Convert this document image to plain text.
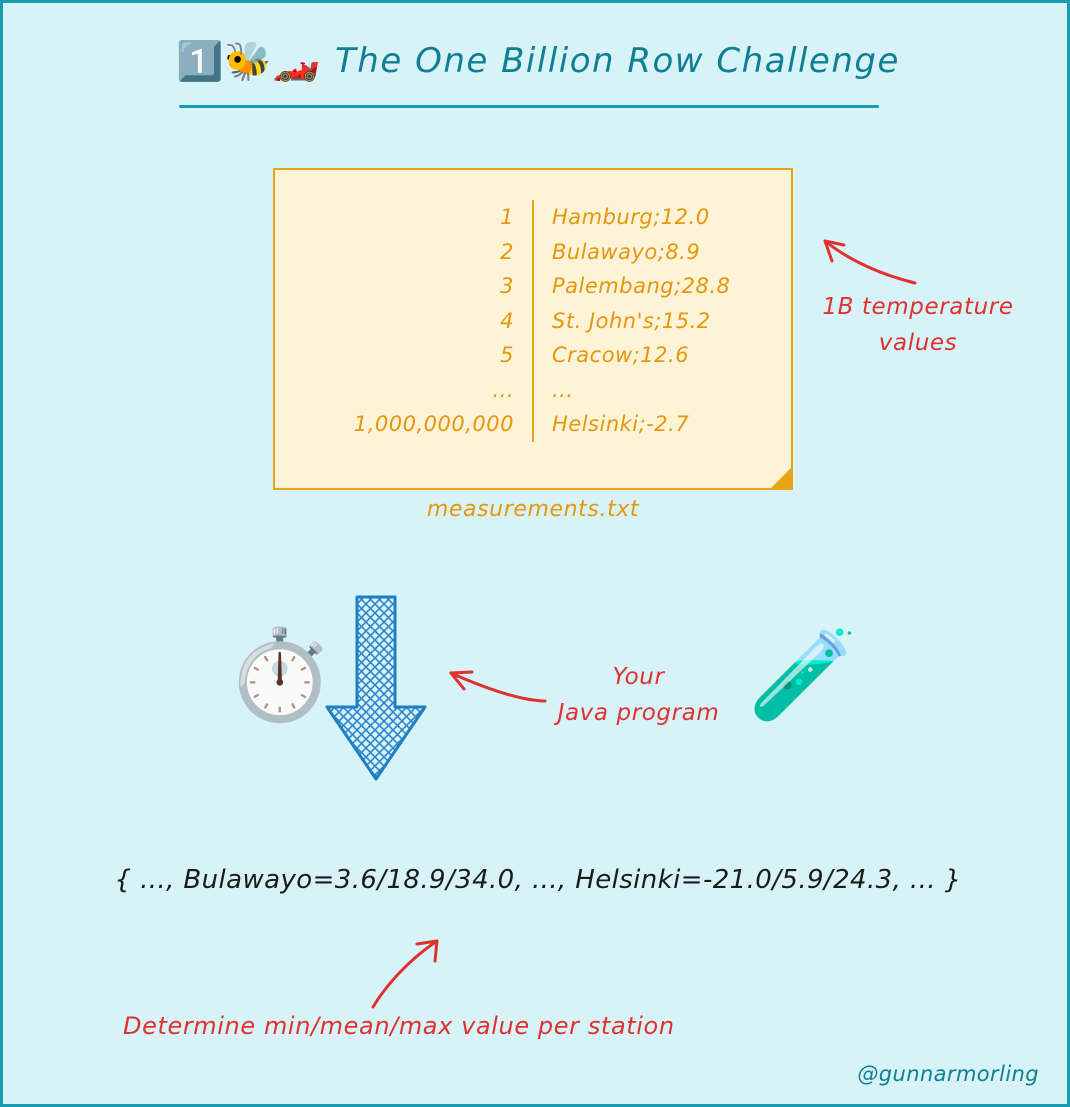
1️⃣🐝🏎️ The One Billion Row Challenge
1
2
3
4
5
...
1,000,000,000
Hamburg;12.0
Bulawayo;8.9
Palembang;28.8
St. John's;15.2
Cracow;12.6
...
Helsinki;-2.7
measurements.txt
1B temperature
values
⏱️	🧪
Your
Java program
{ ..., Bulawayo=3.6/18.9/34.0, ..., Helsinki=-21.0/5.9/24.3, ... }
Determine min/mean/max value per station
@gunnarmorling
